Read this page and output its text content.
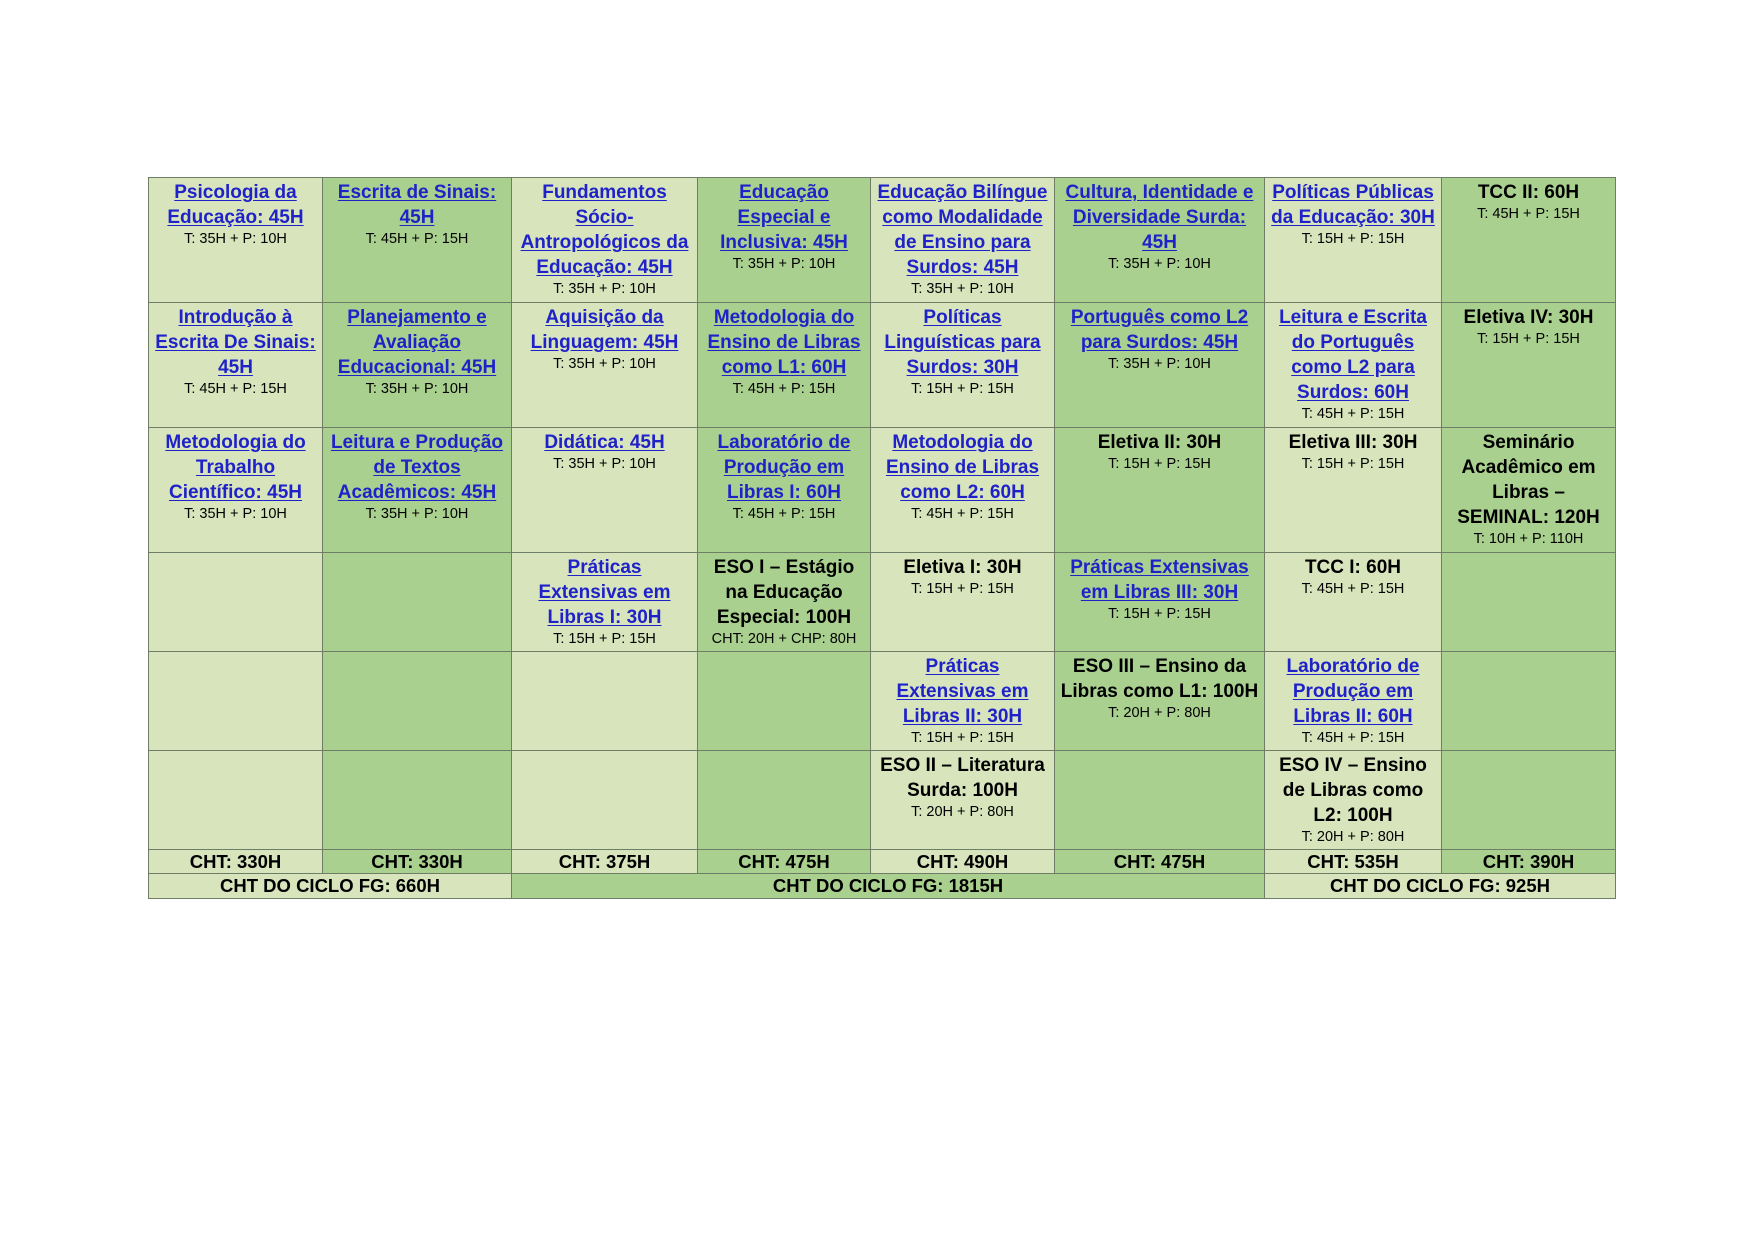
Psicologia da Educação: 45H
T: 35H + P: 10H	Escrita de Sinais: 45H
T: 45H + P: 15H	Fundamentos Sócio-Antropológicos da Educação: 45H
T: 35H + P: 10H	Educação Especial e Inclusiva: 45H
T: 35H + P: 10H	Educação Bilíngue como Modalidade de Ensino para Surdos: 45H
T: 35H + P: 10H	Cultura, Identidade e Diversidade Surda: 45H
T: 35H + P: 10H	Políticas Públicas da Educação: 30H
T: 15H + P: 15H	TCC II: 60H
T: 45H + P: 15H

Introdução à Escrita De Sinais: 45H
T: 45H + P: 15H	Planejamento e Avaliação Educacional: 45H
T: 35H + P: 10H	Aquisição da Linguagem: 45H
T: 35H + P: 10H	Metodologia do Ensino de Libras como L1: 60H
T: 45H + P: 15H	Políticas Linguísticas para Surdos: 30H
T: 15H + P: 15H	Português como L2 para Surdos: 45H
T: 35H + P: 10H	Leitura e Escrita do Português como L2 para Surdos: 60H
T: 45H + P: 15H	Eletiva IV: 30H
T: 15H + P: 15H

Metodologia do Trabalho Científico: 45H
T: 35H + P: 10H	Leitura e Produção de Textos Acadêmicos: 45H
T: 35H + P: 10H	Didática: 45H
T: 35H + P: 10H	Laboratório de Produção em Libras I: 60H
T: 45H + P: 15H	Metodologia do Ensino de Libras como L2: 60H
T: 45H + P: 15H	Eletiva II: 30H
T: 15H + P: 15H	Eletiva III: 30H
T: 15H + P: 15H	Seminário Acadêmico em Libras – SEMINAL: 120H
T: 10H + P: 110H

		Práticas Extensivas em Libras I: 30H
T: 15H + P: 15H	ESO I – Estágio na Educação Especial: 100H
CHT: 20H + CHP: 80H	Eletiva I: 30H
T: 15H + P: 15H	Práticas Extensivas em Libras III: 30H
T: 15H + P: 15H	TCC I: 60H
T: 45H + P: 15H	

				Práticas Extensivas em Libras II: 30H
T: 15H + P: 15H	ESO III – Ensino da Libras como L1: 100H
T: 20H + P: 80H	Laboratório de Produção em Libras II: 60H
T: 45H + P: 15H	

				ESO II – Literatura Surda: 100H
T: 20H + P: 80H		ESO IV – Ensino de Libras como L2: 100H
T: 20H + P: 80H	

CHT: 330H	CHT: 330H	CHT: 375H	CHT: 475H	CHT: 490H	CHT: 475H	CHT: 535H	CHT: 390H
CHT DO CICLO FG: 660H		CHT DO CICLO FG: 1815H				CHT DO CICLO FG: 925H	
